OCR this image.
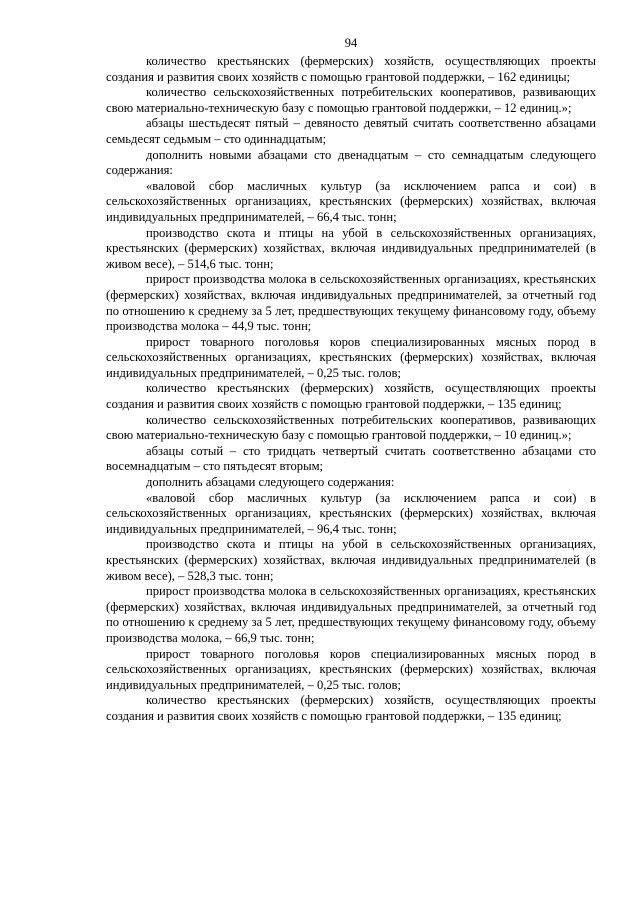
94

количество крестьянских (фермерских) хозяйств, осуществляющих проекты создания и развития своих хозяйств с помощью грантовой поддержки, – 162 единицы;

количество сельскохозяйственных потребительских кооперативов, развивающих свою материально-техническую базу с помощью грантовой поддержки, – 12 единиц.»;

абзацы шестьдесят пятый – девяносто девятый считать соответственно абзацами семьдесят седьмым – сто одиннадцатым;

дополнить новыми абзацами сто двенадцатым – сто семнадцатым следующего содержания:

«валовой сбор масличных культур (за исключением рапса и сои) в сельскохозяйственных организациях, крестьянских (фермерских) хозяйствах, включая индивидуальных предпринимателей, – 66,4 тыс. тонн;

производство скота и птицы на убой в сельскохозяйственных организациях, крестьянских (фермерских) хозяйствах, включая индивидуальных предпринимателей (в живом весе), – 514,6 тыс. тонн;

прирост производства молока в сельскохозяйственных организациях, крестьянских (фермерских) хозяйствах, включая индивидуальных предпринимателей, за отчетный год по отношению к среднему за 5 лет, предшествующих текущему финансовому году, объему производства молока – 44,9 тыс. тонн;

прирост товарного поголовья коров специализированных мясных пород в сельскохозяйственных организациях, крестьянских (фермерских) хозяйствах, включая индивидуальных предпринимателей, – 0,25 тыс. голов;

количество крестьянских (фермерских) хозяйств, осуществляющих проекты создания и развития своих хозяйств с помощью грантовой поддержки, – 135 единиц;

количество сельскохозяйственных потребительских кооперативов, развивающих свою материально-техническую базу с помощью грантовой поддержки, – 10 единиц.»;

абзацы сотый – сто тридцать четвертый считать соответственно абзацами сто восемнадцатым – сто пятьдесят вторым;

дополнить абзацами следующего содержания:

«валовой сбор масличных культур (за исключением рапса и сои) в сельскохозяйственных организациях, крестьянских (фермерских) хозяйствах, включая индивидуальных предпринимателей, – 96,4 тыс. тонн;

производство скота и птицы на убой в сельскохозяйственных организациях, крестьянских (фермерских) хозяйствах, включая индивидуальных предпринимателей (в живом весе), – 528,3 тыс. тонн;

прирост производства молока в сельскохозяйственных организациях, крестьянских (фермерских) хозяйствах, включая индивидуальных предпринимателей, за отчетный год по отношению к среднему за 5 лет, предшествующих текущему финансовому году, объему производства молока, – 66,9 тыс. тонн;

прирост товарного поголовья коров специализированных мясных пород в сельскохозяйственных организациях, крестьянских (фермерских) хозяйствах, включая индивидуальных предпринимателей, – 0,25 тыс. голов;

количество крестьянских (фермерских) хозяйств, осуществляющих проекты создания и развития своих хозяйств с помощью грантовой поддержки, – 135 единиц;
